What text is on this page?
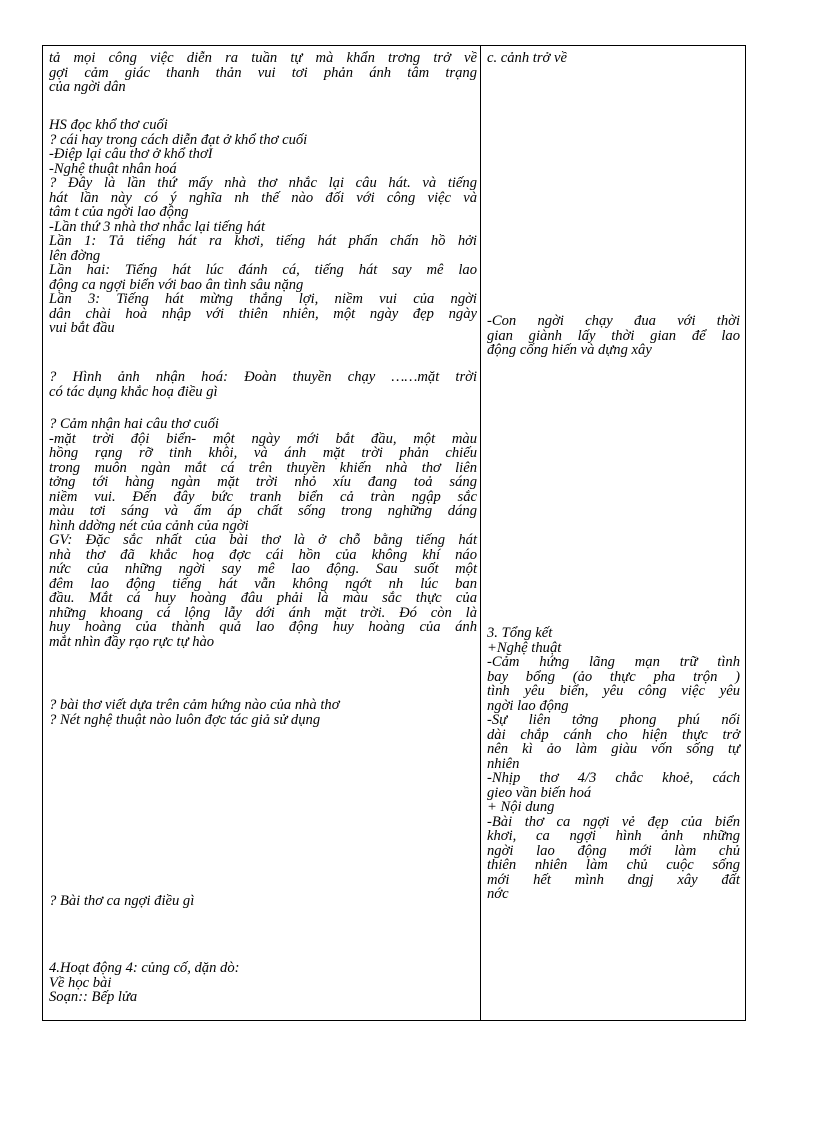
tả mọi công việc diễn ra tuần tự mà khẩn trơng trở về
gợi cảm giác thanh thản vui tơi phản ánh tâm trạng
của ngời dân
HS đọc khổ thơ cuối
? cái hay trong cách diễn đạt ở khổ thơ cuối
-Điệp lại câu thơ ở khổ thơI
-Nghệ thuật nhân hoá
? Đây là lần thứ mấy nhà thơ nhắc lại câu hát. và tiếng
hát lần này có ý nghĩa nh thế nào đối với công việc và
tâm t của ngời lao động
-Lần thứ 3 nhà thơ nhắc lại tiếng hát
Lần 1: Tả tiếng hát ra khơi, tiếng hát phấn chấn hồ hởi
lên đờng
Lần hai: Tiếng hát lúc đánh cá, tiếng hát say mê lao
động ca ngợi biển với bao ân tình sâu nặng
Lần 3: Tiếng hát mừng thắng lợi, niềm vui của ngời
dân chài hoà nhập với thiên nhiên, một ngày đẹp ngày
vui bắt đầu
? Hình ảnh nhận hoá: Đoàn thuyền chạy ……mặt trời
có tác dụng khắc hoạ điều gì
? Cảm nhận hai câu thơ cuối
-mặt trời đội biển- một ngày mới bắt đầu, một màu
hồng rạng rỡ tinh khôi, và ánh mặt trời phản chiếu
trong muôn ngàn mắt cá trên thuyền khiến nhà thơ liên
tởng tới hàng ngàn mặt trời nhỏ xíu đang toả sáng
niềm vui. Đến đây bức tranh biển cả tràn ngập sắc
màu tơi sáng và ấm áp chất sống trong nghững dáng
hình ddờng nét của cảnh của ngời
GV: Đặc sắc nhất của bài thơ là ở chỗ bằng tiếng hát
nhà thơ đã khắc hoạ đợc cái hồn của không khí náo
nức của những ngời say mê lao động. Sau suốt một
đêm lao động tiếng hát vẫn không ngớt nh lúc ban
đầu. Mắt cá huy hoàng đâu phải là màu sắc thực của
những khoang cá lộng lẫy dới ánh mặt trời. Đó còn là
huy hoàng của thành quả lao động huy hoàng của ánh
mắt nhìn đầy rạo rực tự hào
? bài thơ viết dựa trên cảm hứng nào của nhà thơ
? Nét nghệ thuật nào luôn đợc tác giả sử dụng
? Bài thơ ca ngợi điều gì
4.Hoạt động 4: củng cố, dặn dò:
Về học bài
Soạn:: Bếp lửa
c. cảnh trở về
-Con ngời chạy đua với thời
gian giành lấy thời gian để lao
động cống hiến và dựng xây
3. Tổng kết
+Nghệ thuật
-Cảm hứng lãng mạn trữ tình
bay bổng (ảo thực pha trộn )
tình yêu biển, yêu công việc yêu
ngời lao động
-Sự liên tởng phong phú nối
dài chắp cánh cho hiện thực trở
nên kì ảo làm giàu vốn sống tự
nhiên
-Nhịp thơ 4/3 chắc khoẻ, cách
gieo vần biến hoá
+ Nội dung
-Bài thơ ca ngợi vẻ đẹp của biển
khơi, ca ngợi hình ảnh những
ngời lao động mới làm chủ
thiên nhiên làm chủ cuộc sống
mới hết mình dngj xây đất
nớc
